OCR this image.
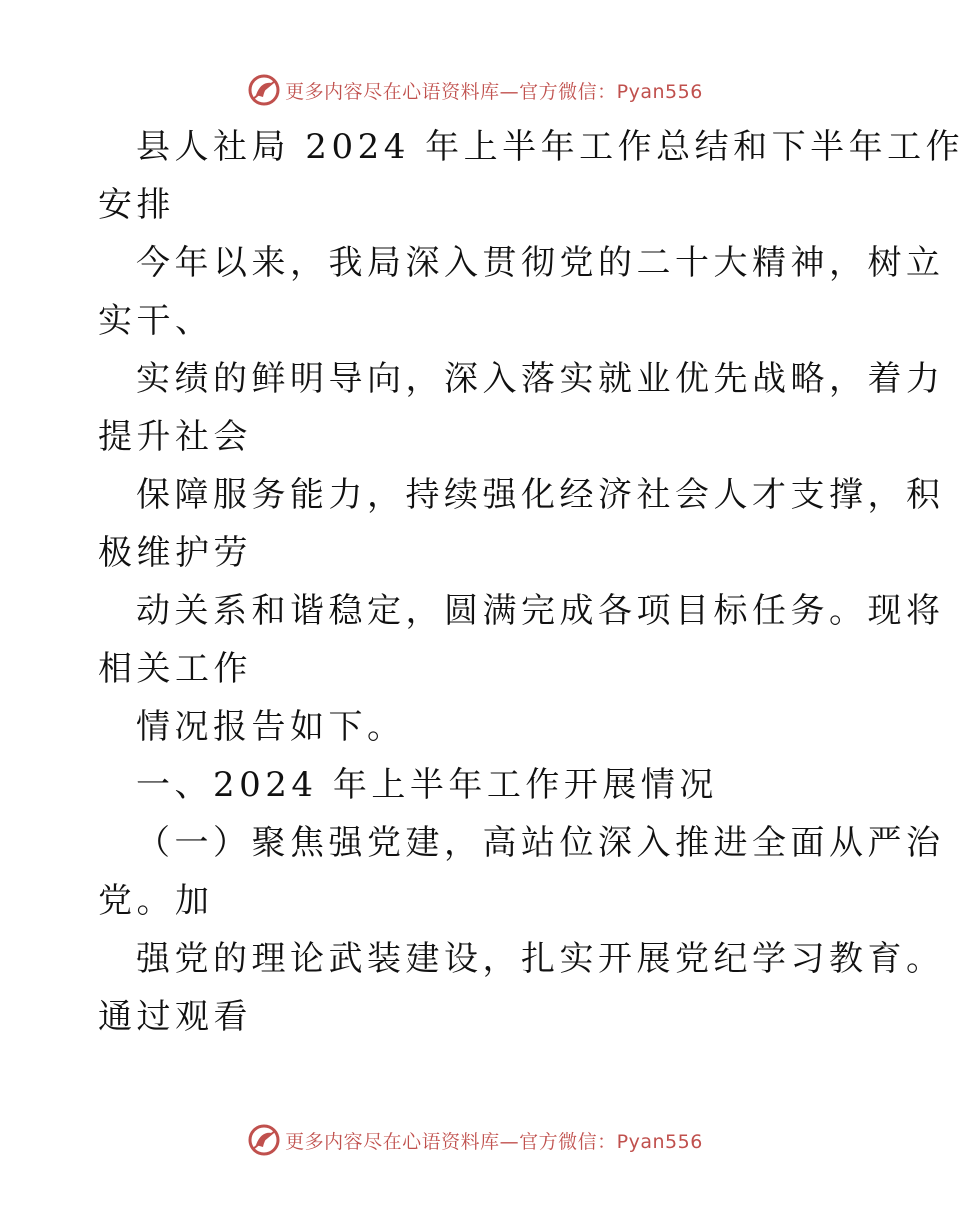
更多内容尽在心语资料库—官方微信：Pyan556
县人社局 2024 年上半年工作总结和下半年工作
安排
今年以来，我局深入贯彻党的二十大精神，树立
实干、
实绩的鲜明导向，深入落实就业优先战略，着力
提升社会
保障服务能力，持续强化经济社会人才支撑，积
极维护劳
动关系和谐稳定，圆满完成各项目标任务。现将
相关工作
情况报告如下。
一、2024 年上半年工作开展情况
（一）聚焦强党建，高站位深入推进全面从严治
党。加
强党的理论武装建设，扎实开展党纪学习教育。
通过观看
更多内容尽在心语资料库—官方微信：Pyan556
